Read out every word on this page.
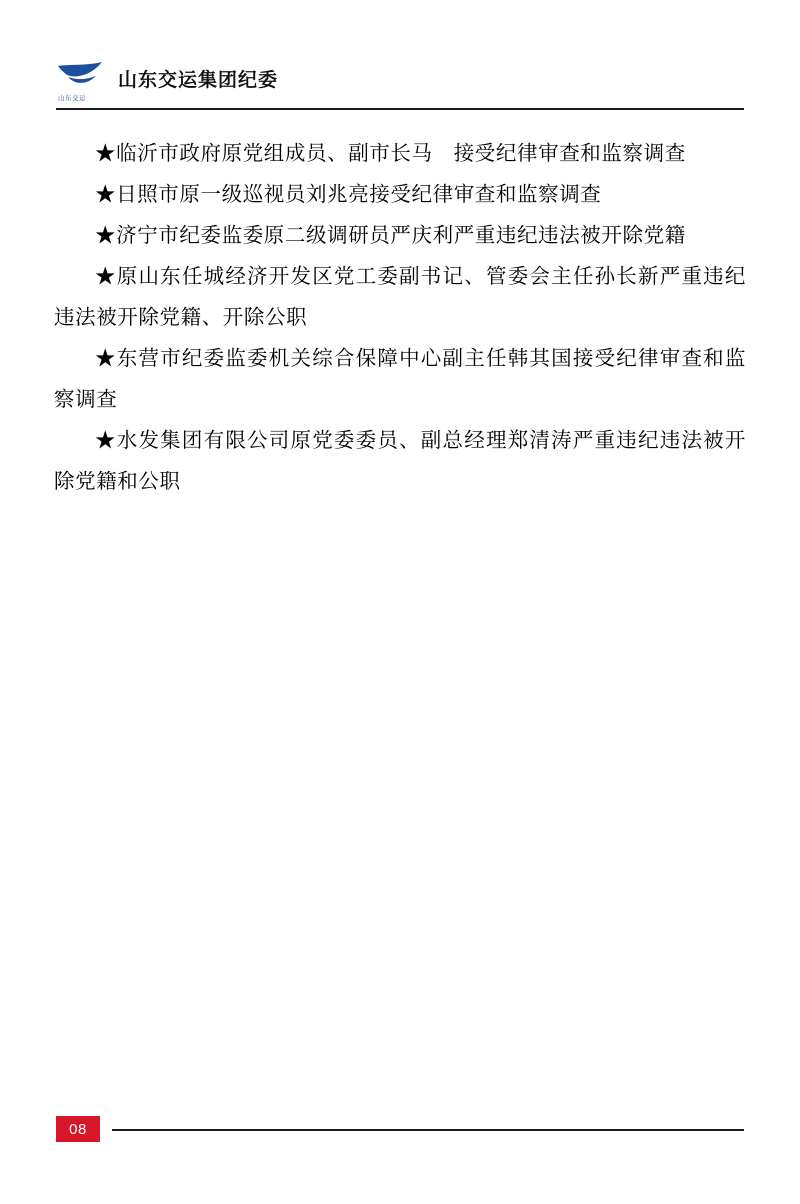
山东交运
山东交运集团纪委

★临沂市政府原党组成员、副市长马　接受纪律审查和监察调查

★日照市原一级巡视员刘兆亮接受纪律审查和监察调查

★济宁市纪委监委原二级调研员严庆利严重违纪违法被开除党籍

★原山东任城经济开发区党工委副书记、管委会主任孙长新严重违纪违法被开除党籍、开除公职

★东营市纪委监委机关综合保障中心副主任韩其国接受纪律审查和监察调查

★水发集团有限公司原党委委员、副总经理郑清涛严重违纪违法被开除党籍和公职

08
